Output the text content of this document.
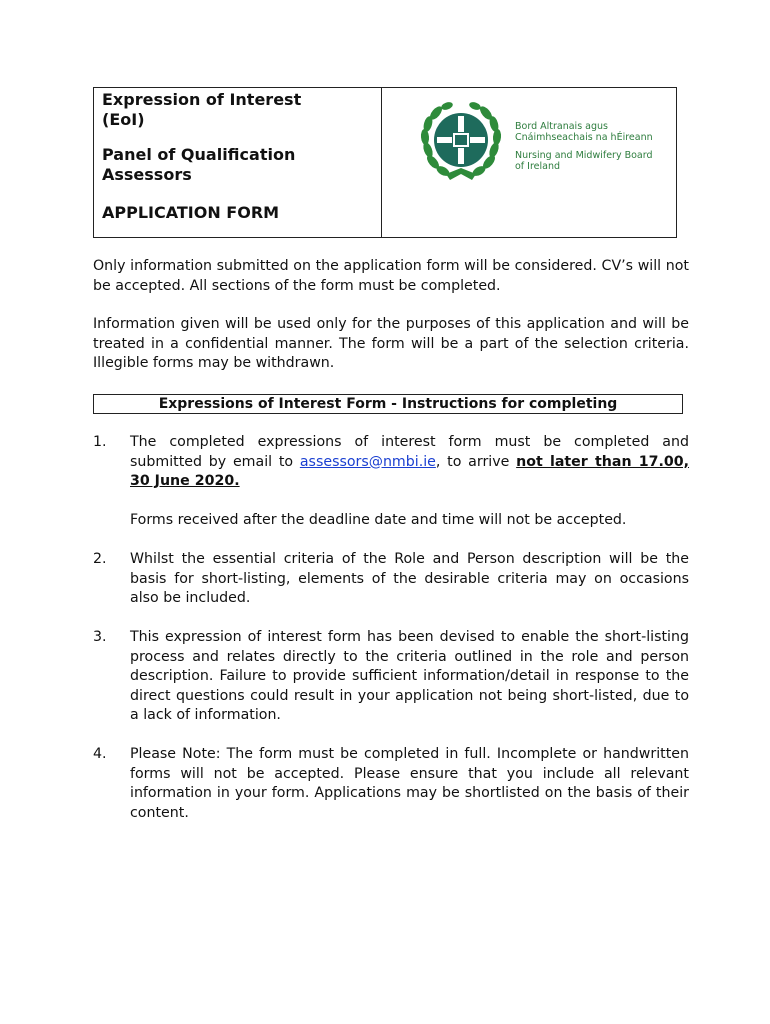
Expression of Interest

(EoI)

Panel of Qualification

Assessors

APPLICATION FORM

Bord Altranais agus
Cnáimhseachais na hÉireann
Nursing and Midwifery Board
of Ireland

Only information submitted on the application form will be considered. CV’s will not be accepted. All sections of the form must be completed.

Information given will be used only for the purposes of this application and will be treated in a confidential manner. The form will be a part of the selection criteria. Illegible forms may be withdrawn.

Expressions of Interest Form - Instructions for completing
1. The completed expressions of interest form must be completed and submitted by email to assessors@nmbi.ie, to arrive not later than 17.00, 30 June 2020.

Forms received after the deadline date and time will not be accepted.

2. Whilst the essential criteria of the Role and Person description will be the basis for short-listing, elements of the desirable criteria may on occasions also be included.

3. This expression of interest form has been devised to enable the short-listing process and relates directly to the criteria outlined in the role and person description. Failure to provide sufficient information/detail in response to the direct questions could result in your application not being short-listed, due to a lack of information.

4. Please Note: The form must be completed in full. Incomplete or handwritten forms will not be accepted. Please ensure that you include all relevant information in your form. Applications may be shortlisted on the basis of their content.
